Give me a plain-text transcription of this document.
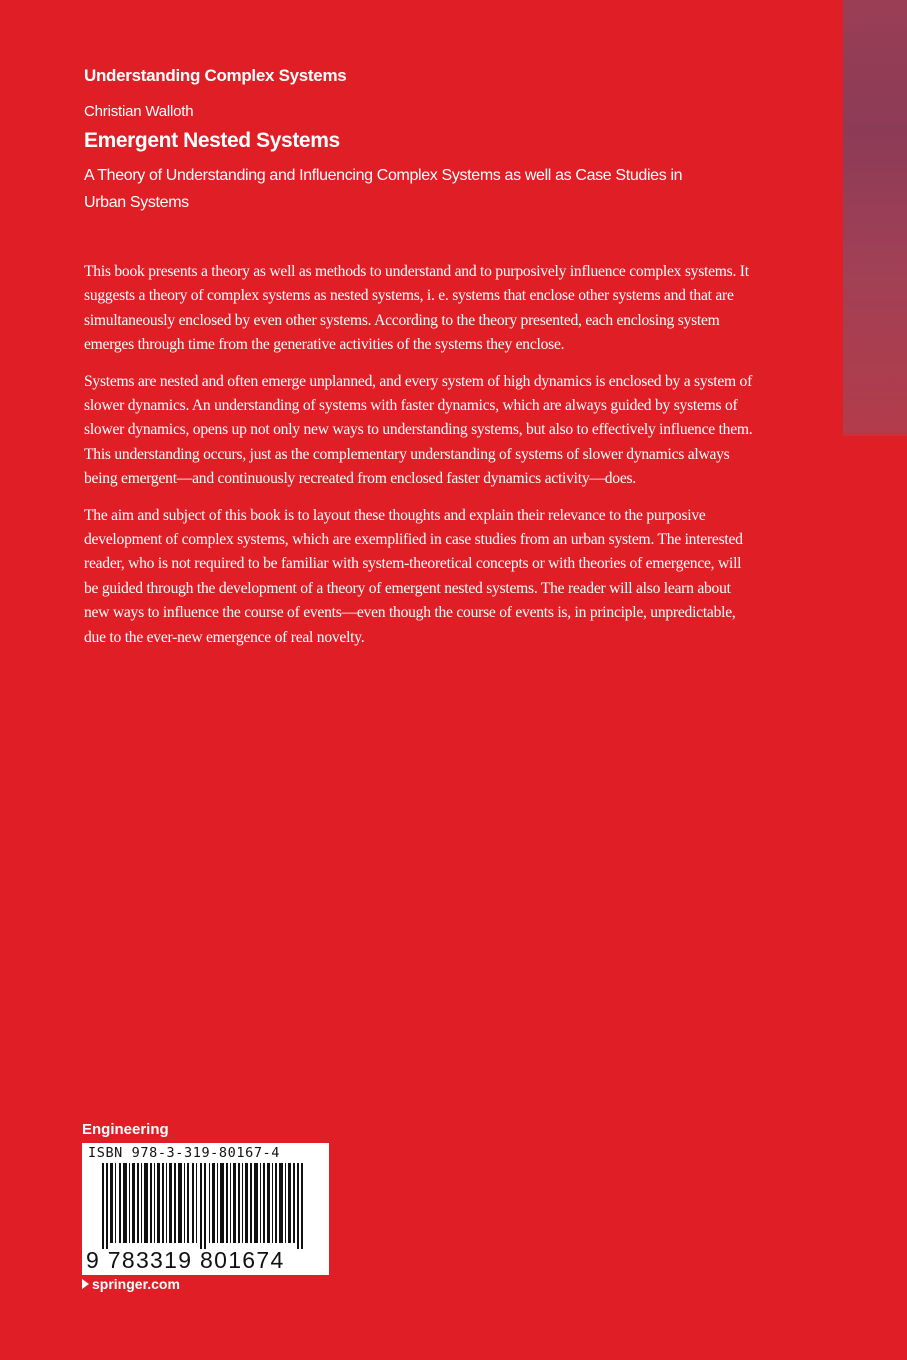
Understanding Complex Systems
Christian Walloth
Emergent Nested Systems
A Theory of Understanding and Influencing Complex Systems as well as Case Studies in Urban Systems

This book presents a theory as well as methods to understand and to purposively influence complex systems. It suggests a theory of complex systems as nested systems, i. e. systems that enclose other systems and that are simultaneously enclosed by even other systems. According to the theory presented, each enclosing system emerges through time from the generative activities of the systems they enclose.

Systems are nested and often emerge unplanned, and every system of high dynamics is enclosed by a system of slower dynamics. An understanding of systems with faster dynamics, which are always guided by systems of slower dynamics, opens up not only new ways to understanding systems, but also to effectively influence them. This understanding occurs, just as the complementary understanding of systems of slower dynamics always being emergent—and continuously recreated from enclosed faster dynamics activity—does.

The aim and subject of this book is to layout these thoughts and explain their relevance to the purposive development of complex systems, which are exemplified in case studies from an urban system. The interested reader, who is not required to be familiar with system-theoretical concepts or with theories of emergence, will be guided through the development of a theory of emergent nested systems. The reader will also learn about new ways to influence the course of events—even though the course of events is, in principle, unpredictable, due to the ever-new emergence of real novelty.

Engineering
ISBN 978-3-319-80167-4
9 783319 801674
springer.com
